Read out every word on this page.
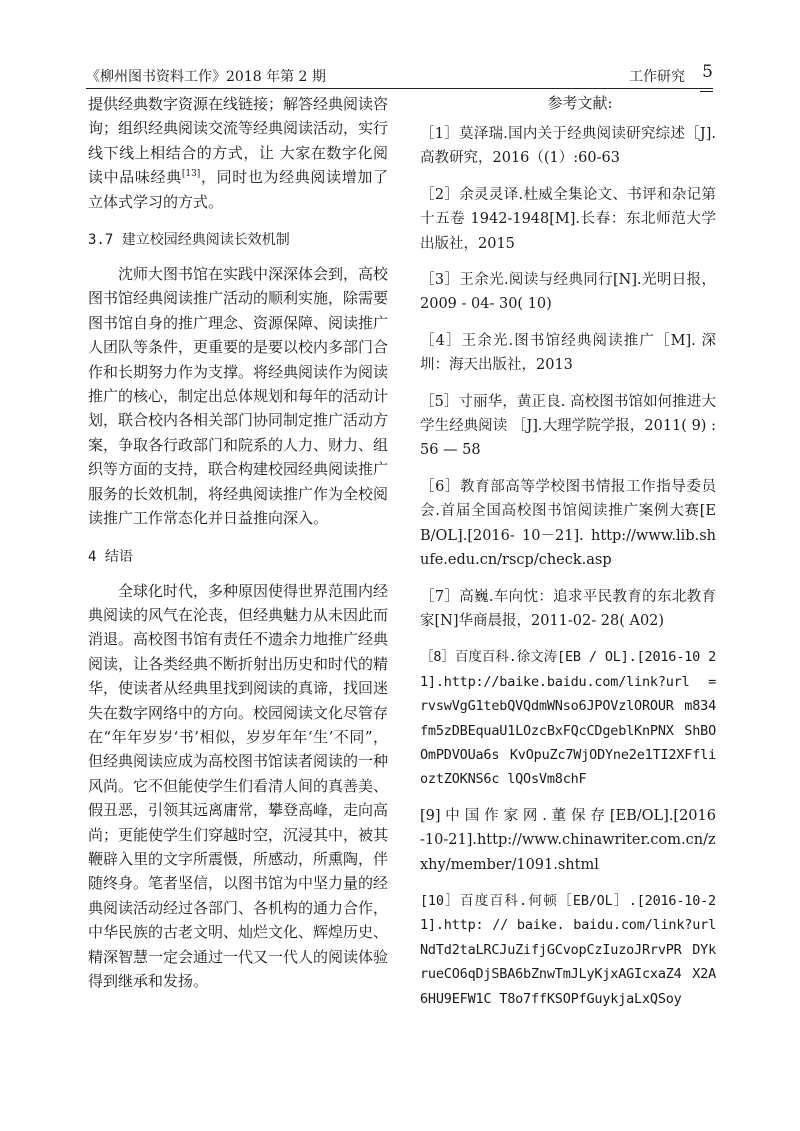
《柳州图书资料工作》2018 年第 2 期	工作研究 5

提供经典数字资源在线链接；解答经典阅读咨询；组织经典阅读交流等经典阅读活动，实行线下线上相结合的方式，让 大家在数字化阅读中品味经典[13]，同时也为经典阅读增加了立体式学习的方式。

3.7 建立校园经典阅读长效机制

沈师大图书馆在实践中深深体会到，高校图书馆经典阅读推广活动的顺利实施，除需要图书馆自身的推广理念、资源保障、阅读推广人团队等条件，更重要的是要以校内多部门合作和长期努力作为支撑。将经典阅读作为阅读推广的核心，制定出总体规划和每年的活动计划，联合校内各相关部门协同制定推广活动方案，争取各行政部门和院系的人力、财力、组织等方面的支持，联合构建校园经典阅读推广服务的长效机制，将经典阅读推广作为全校阅读推广工作常态化并日益推向深入。

4 结语

全球化时代，多种原因使得世界范围内经典阅读的风气在沦丧，但经典魅力从未因此而消退。高校图书馆有责任不遗余力地推广经典阅读，让各类经典不断折射出历史和时代的精华，使读者从经典里找到阅读的真谛，找回迷失在数字网络中的方向。校园阅读文化尽管存在“年年岁岁‘书’相似，岁岁年年‘生’不同”，但经典阅读应成为高校图书馆读者阅读的一种风尚。它不但能使学生们看清人间的真善美、假丑恶，引领其远离庸常，攀登高峰，走向高尚；更能使学生们穿越时空，沉浸其中，被其鞭辟入里的文字所震慑，所感动，所熏陶，伴随终身。笔者坚信，以图书馆为中坚力量的经典阅读活动经过各部门、各机构的通力合作，中华民族的古老文明、灿烂文化、辉煌历史、精深智慧一定会通过一代又一代人的阅读体验得到继承和发扬。

参考文献:

［1］莫泽瑞.国内关于经典阅读研究综述［J].高教研究，2016（(1）:60-63

［2］余灵灵译.杜威全集论文、书评和杂记第十五卷 1942-1948[M].长春：东北师范大学出版社，2015

［3］王余光.阅读与经典同行[N].光明日报，2009 - 04- 30( 10)

［4］王余光.图书馆经典阅读推广［M]. 深圳：海天出版社，2013

［5］寸丽华，黄正良. 高校图书馆如何推进大学生经典阅读 ［J].大理学院学报，2011( 9) : 56 — 58

［6］教育部高等学校图书情报工作指导委员会.首届全国高校图书馆阅读推广案例大赛[EB/OL].[2016- 10－21]. http://www.lib.shufe.edu.cn/rscp/check.asp

［7］高巍.车向忱：追求平民教育的东北教育家[N]华商晨报，2011-02- 28( A02)

［8］百度百科.徐文涛[EB / OL].[2016-10 21].http://baike.baidu.com/link?url = rvswVgG1tebQVQdmWNso6JPOVzlOROUR m834fm5zDBEquaU1LOzcBxFQcCDgeblKnPNX ShBOOmPDVOUa6s KvOpuZc7WjODYne2e1TI2XFflioztZOKNS6c lQOsVm8chF

[9] 中 国 作 家 网 . 董 保 存 [EB/OL].[2016-10-21].http://www.chinawriter.com.cn/zxhy/member/1091.shtml

[10］百度百科.何顿［EB/OL］.[2016-10-21].http: // baike. baidu.com/link?urlNdTd2taLRCJuZifjGCvopCzIuzoJRrvPR DYkrueCO6qDjSBA6bZnwTmJLyKjxAGIcxaZ4 X2A6HU9EFW1C T8o7ffKSOPfGuykjaLxQSoy
